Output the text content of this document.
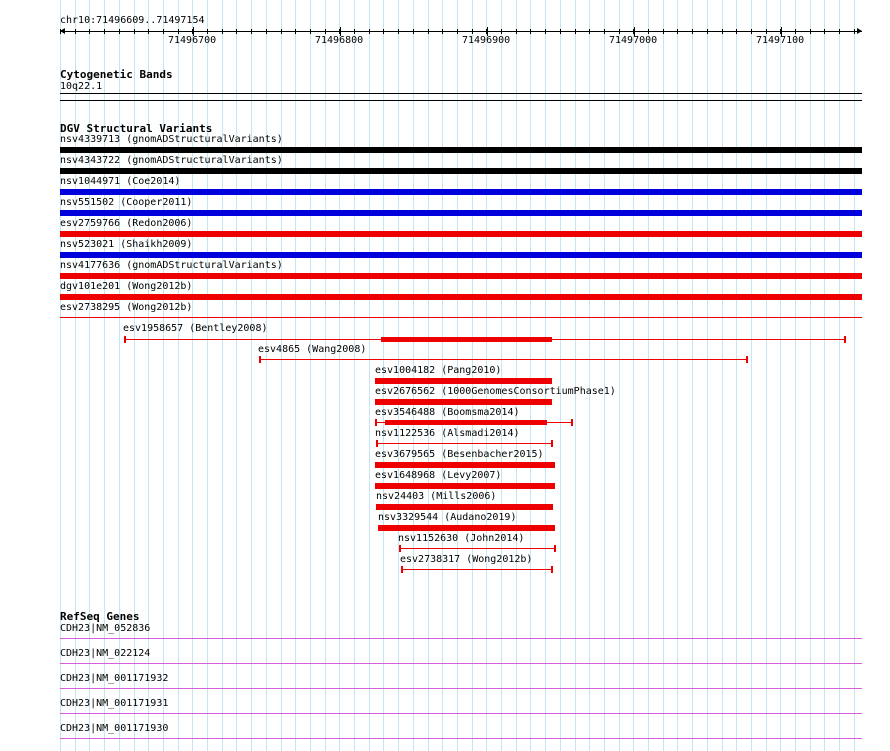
chr10:71496609..71497154
71496700	71496800	71496900	71497000	71497100
Cytogenetic Bands
10q22.1
DGV Structural Variants
nsv4339713 (gnomADStructuralVariants)
nsv4343722 (gnomADStructuralVariants)
nsv1044971 (Coe2014)
nsv551502 (Cooper2011)
esv2759766 (Redon2006)
nsv523021 (Shaikh2009)
nsv4177636 (gnomADStructuralVariants)
dgv101e201 (Wong2012b)
esv2738295 (Wong2012b)
esv1958657 (Bentley2008)
esv4865 (Wang2008)
esv1004182 (Pang2010)
esv2676562 (1000GenomesConsortiumPhase1)
esv3546488 (Boomsma2014)
nsv1122536 (Alsmadi2014)
esv3679565 (Besenbacher2015)
esv1648968 (Levy2007)
nsv24403 (Mills2006)
nsv3329544 (Audano2019)
nsv1152630 (John2014)
esv2738317 (Wong2012b)
RefSeq Genes
CDH23|NM_052836
CDH23|NM_022124
CDH23|NM_001171932
CDH23|NM_001171931
CDH23|NM_001171930
